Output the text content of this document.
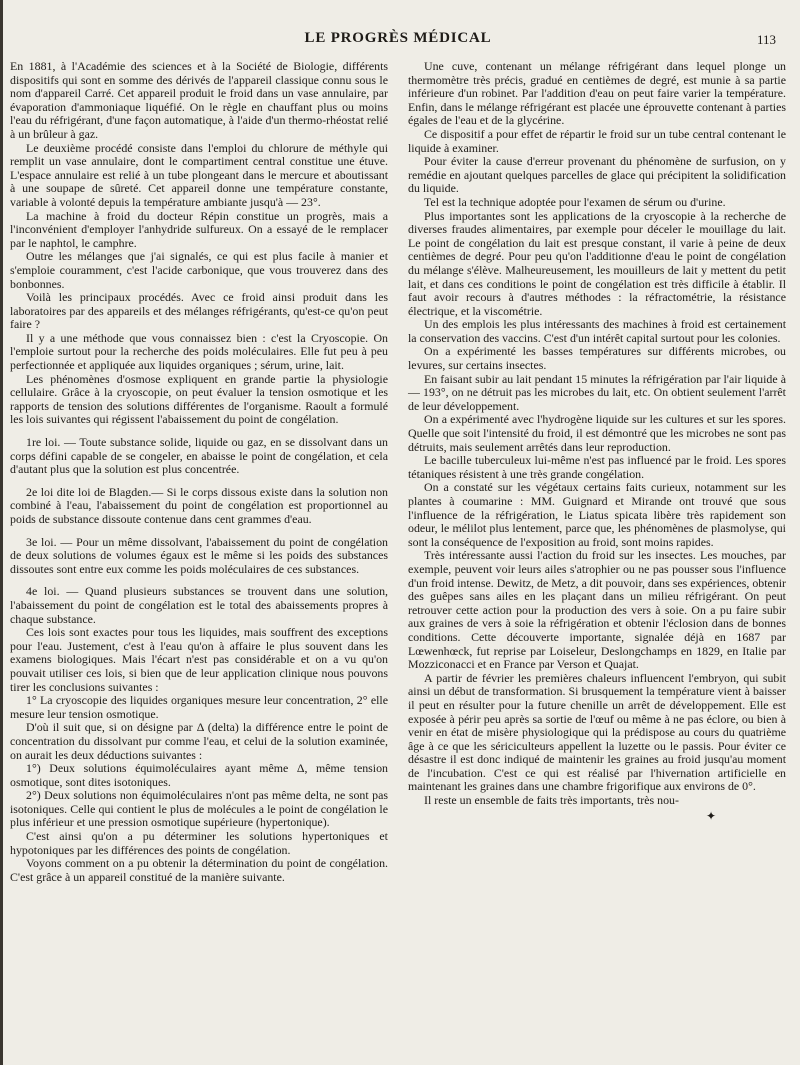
LE PROGRÈS MÉDICAL	113

En 1881, à l'Académie des sciences et à la Société de Biologie, différents dispositifs qui sont en somme des dérivés de l'appareil classique connu sous le nom d'appareil Carré. Cet appareil produit le froid dans un vase annulaire, par évaporation d'ammoniaque liquéfié. On le règle en chauffant plus ou moins l'eau du réfrigérant, d'une façon automatique, à l'aide d'un thermo-rhéostat relié à un brûleur à gaz.

Le deuxième procédé consiste dans l'emploi du chlorure de méthyle qui remplit un vase annulaire, dont le compartiment central constitue une étuve. L'espace annulaire est relié à un tube plongeant dans le mercure et aboutissant à une soupape de sûreté. Cet appareil donne une température constante, variable à volonté depuis la température ambiante jusqu'à — 23°.

La machine à froid du docteur Répin constitue un progrès, mais a l'inconvénient d'employer l'anhydride sulfureux. On a essayé de le remplacer par le naphtol, le camphre.

Outre les mélanges que j'ai signalés, ce qui est plus facile à manier et s'emploie couramment, c'est l'acide carbonique, que vous trouverez dans des bonbonnes.

Voilà les principaux procédés. Avec ce froid ainsi produit dans les laboratoires par des appareils et des mélanges réfrigérants, qu'est-ce qu'on peut faire ?

Il y a une méthode que vous connaissez bien : c'est la Cryoscopie. On l'emploie surtout pour la recherche des poids moléculaires. Elle fut peu à peu perfectionnée et appliquée aux liquides organiques ; sérum, urine, lait.

Les phénomènes d'osmose expliquent en grande partie la physiologie cellulaire. Grâce à la cryoscopie, on peut évaluer la tension osmotique et les rapports de tension des solutions différentes de l'organisme. Raoult a formulé les lois suivantes qui régissent l'abaissement du point de congélation.

1re loi. — Toute substance solide, liquide ou gaz, en se dissolvant dans un corps défini capable de se congeler, en abaisse le point de congélation, et cela d'autant plus que la solution est plus concentrée.

2e loi dite loi de Blagden.— Si le corps dissous existe dans la solution non combiné à l'eau, l'abaissement du point de congélation est proportionnel au poids de substance dissoute contenue dans cent grammes d'eau.

3e loi. — Pour un même dissolvant, l'abaissement du point de congélation de deux solutions de volumes égaux est le même si les poids des substances dissoutes sont entre eux comme les poids moléculaires de ces substances.

4e loi. — Quand plusieurs substances se trouvent dans une solution, l'abaissement du point de congélation est le total des abaissements propres à chaque substance.

Ces lois sont exactes pour tous les liquides, mais souffrent des exceptions pour l'eau. Justement, c'est à l'eau qu'on à affaire le plus souvent dans les examens biologiques. Mais l'écart n'est pas considérable et on a vu qu'on pouvait utiliser ces lois, si bien que de leur application clinique nous pouvons tirer les conclusions suivantes :

1° La cryoscopie des liquides organiques mesure leur concentration, 2° elle mesure leur tension osmotique.

D'où il suit que, si on désigne par Δ (delta) la différence entre le point de concentration du dissolvant pur comme l'eau, et celui de la solution examinée, on aurait les deux déductions suivantes :

1°) Deux solutions équimoléculaires ayant même Δ, même tension osmotique, sont dites isotoniques.

2°) Deux solutions non équimoléculaires n'ont pas même delta, ne sont pas isotoniques. Celle qui contient le plus de molécules a le point de congélation le plus inférieur et une pression osmotique supérieure (hypertonique).

C'est ainsi qu'on a pu déterminer les solutions hypertoniques et hypotoniques par les différences des points de congélation.

Voyons comment on a pu obtenir la détermination du point de congélation. C'est grâce à un appareil constitué de la manière suivante.

Une cuve, contenant un mélange réfrigérant dans lequel plonge un thermomètre très précis, gradué en centièmes de degré, est munie à sa partie inférieure d'un robinet. Par l'addition d'eau on peut faire varier la température. Enfin, dans le mélange réfrigérant est placée une éprouvette contenant à parties égales de l'eau et de la glycérine.

Ce dispositif a pour effet de répartir le froid sur un tube central contenant le liquide à examiner.

Pour éviter la cause d'erreur provenant du phénomène de surfusion, on y remédie en ajoutant quelques parcelles de glace qui précipitent la solidification du liquide.

Tel est la technique adoptée pour l'examen de sérum ou d'urine.

Plus importantes sont les applications de la cryoscopie à la recherche de diverses fraudes alimentaires, par exemple pour déceler le mouillage du lait. Le point de congélation du lait est presque constant, il varie à peine de deux centièmes de degré. Pour peu qu'on l'additionne d'eau le point de congélation du mélange s'élève. Malheureusement, les mouilleurs de lait y mettent du petit lait, et dans ces conditions le point de congélation est très difficile à établir. Il faut avoir recours à d'autres méthodes : la réfractométrie, la résistance électrique, et la viscométrie.

Un des emplois les plus intéressants des machines à froid est certainement la conservation des vaccins. C'est d'un intérêt capital surtout pour les colonies.

On a expérimenté les basses températures sur différents microbes, ou levures, sur certains insectes.

En faisant subir au lait pendant 15 minutes la réfrigération par l'air liquide à — 193°, on ne détruit pas les microbes du lait, etc. On obtient seulement l'arrêt de leur développement.

On a expérimenté avec l'hydrogène liquide sur les cultures et sur les spores. Quelle que soit l'intensité du froid, il est démontré que les microbes ne sont pas détruits, mais seulement arrêtés dans leur reproduction.

Le bacille tuberculeux lui-même n'est pas influencé par le froid. Les spores tétaniques résistent à une très grande congélation.

On a constaté sur les végétaux certains faits curieux, notamment sur les plantes à coumarine : MM. Guignard et Mirande ont trouvé que sous l'influence de la réfrigération, le Liatus spicata libère très rapidement son odeur, le mélilot plus lentement, parce que, les phénomènes de plasmolyse, qui sont la conséquence de l'exposition au froid, sont moins rapides.

Très intéressante aussi l'action du froid sur les insectes. Les mouches, par exemple, peuvent voir leurs ailes s'atrophier ou ne pas pousser sous l'influence d'un froid intense. Dewitz, de Metz, a dit pouvoir, dans ses expériences, obtenir des guêpes sans ailes en les plaçant dans un milieu réfrigérant. On peut retrouver cette action pour la production des vers à soie. On a pu faire subir aux graines de vers à soie la réfrigération et obtenir l'éclosion dans de bonnes conditions. Cette découverte importante, signalée déjà en 1687 par Lœwenhœck, fut reprise par Loiseleur, Deslongchamps en 1829, en Italie par Mozziconacci et en France par Verson et Quajat.

A partir de février les premières chaleurs influencent l'embryon, qui subit ainsi un début de transformation. Si brusquement la température vient à baisser il peut en résulter pour la future chenille un arrêt de développement. Elle est exposée à périr peu après sa sortie de l'œuf ou même à ne pas éclore, ou bien à venir en état de misère physiologique qui la prédispose au cours du quatrième âge à ce que les sériciculteurs appellent la luzette ou le passis. Pour éviter ce désastre il est donc indiqué de maintenir les graines au froid jusqu'au moment de l'incubation. C'est ce qui est réalisé par l'hivernation artificielle en maintenant les graines dans une chambre frigorifique aux environs de 0°.

Il reste un ensemble de faits très importants, très nou-

✦
